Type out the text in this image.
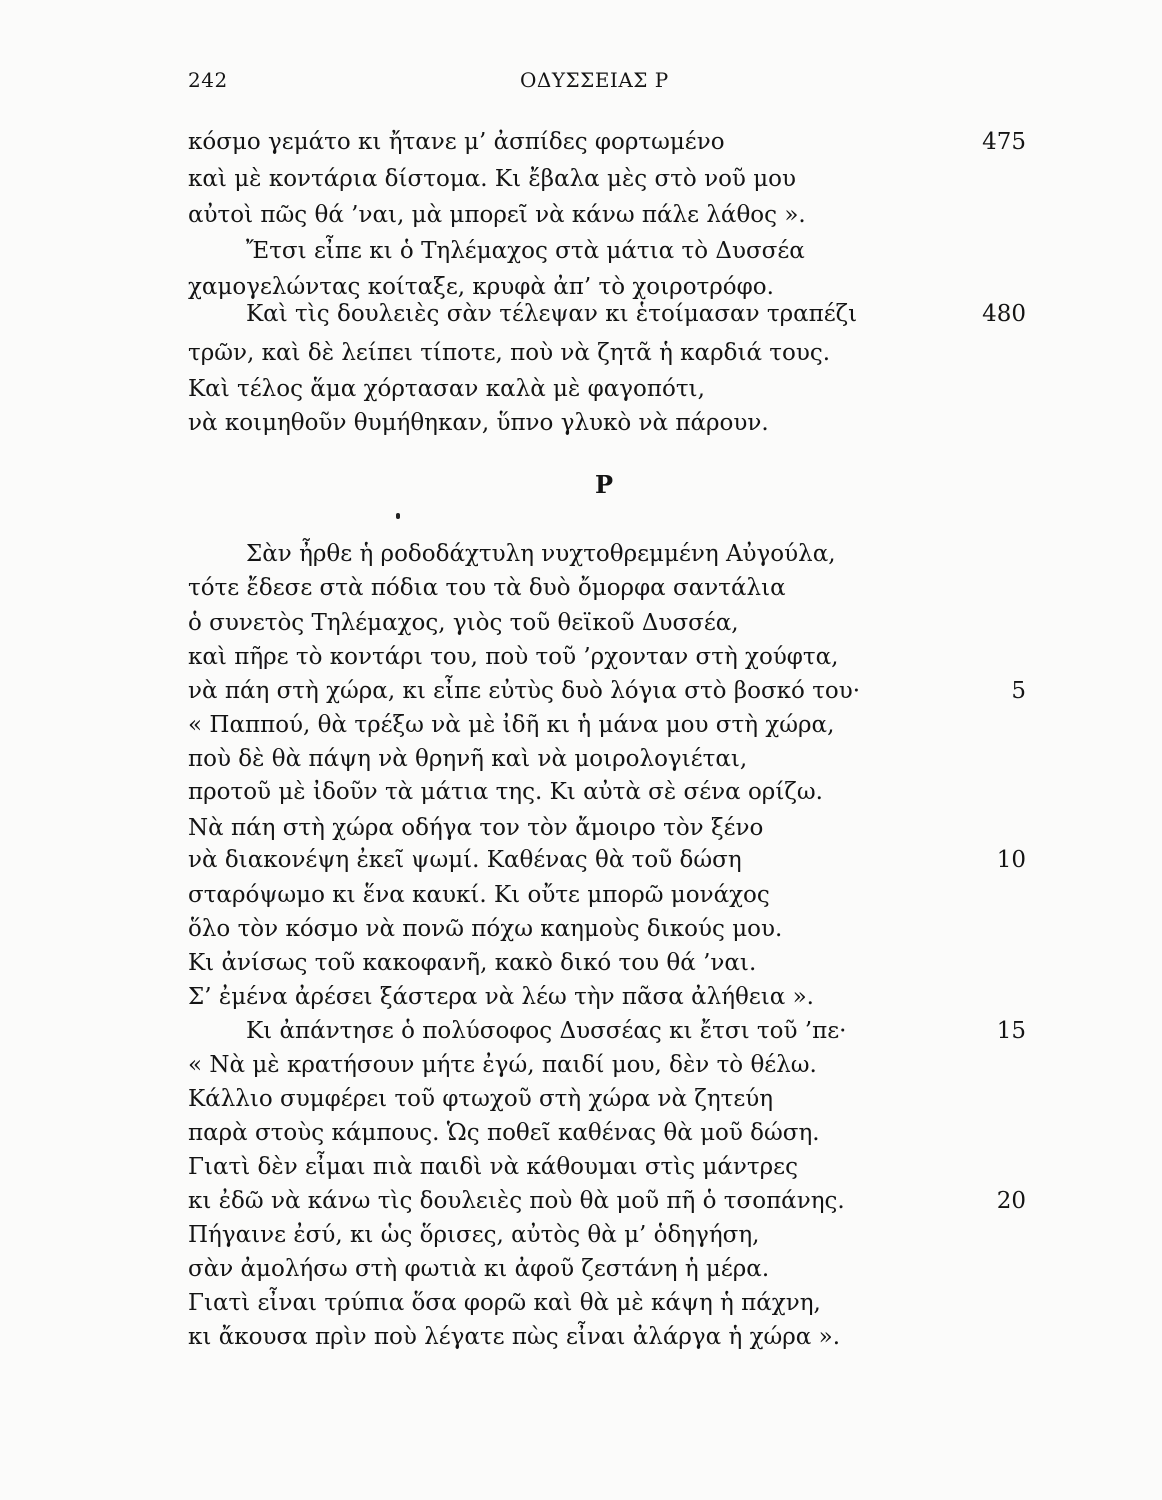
242	ΟΔΥΣΣΕΙΑΣ Ρ
κόσμο γεμάτο κι ἤτανε μ’ ἀσπίδες φορτωμένο	475
καὶ μὲ κοντάρια δίστομα. Κι ἔβαλα μὲς στὸ νοῦ μου
αὐτοὶ πῶς θά ’ναι, μὰ μπορεῖ νὰ κάνω πάλε λάθος ».
Ἔτσι εἶπε κι ὁ Τηλέμαχος στὰ μάτια τὸ Δυσσέα
χαμογελώντας κοίταξε, κρυφὰ ἀπ’ τὸ χοιροτρόφο.
Καὶ τὶς δουλειὲς σὰν τέλεψαν κι ἑτοίμασαν τραπέζι	480
τρῶν, καὶ δὲ λείπει τίποτε, ποὺ νὰ ζητᾶ ἡ καρδιά τους.
Καὶ τέλος ἅμα χόρτασαν καλὰ μὲ φαγοπότι,
νὰ κοιμηθοῦν θυμήθηκαν, ὕπνο γλυκὸ νὰ πάρουν.
Ρ
Σὰν ἦρθε ἡ ροδοδάχτυλη νυχτοθρεμμένη Αὐγούλα,
τότε ἔδεσε στὰ πόδια του τὰ δυὸ ὄμορφα σαντάλια
ὁ συνετὸς Τηλέμαχος, γιὸς τοῦ θεϊκοῦ Δυσσέα,
καὶ πῆρε τὸ κοντάρι του, ποὺ τοῦ ’ρχονταν στὴ χούφτα,
νὰ πάη στὴ χώρα, κι εἶπε εὐτὺς δυὸ λόγια στὸ βοσκό του·	5
« Παππού, θὰ τρέξω νὰ μὲ ἰδῆ κι ἡ μάνα μου στὴ χώρα,
ποὺ δὲ θὰ πάψη νὰ θρηνῆ καὶ νὰ μοιρολογιέται,
προτοῦ μὲ ἰδοῦν τὰ μάτια της. Κι αὐτὰ σὲ σένα ορίζω.
Νὰ πάη στὴ χώρα οδήγα τον τὸν ἄμοιρο τὸν ξένο
νὰ διακονέψη ἐκεῖ ψωμί. Καθένας θὰ τοῦ δώση	10
σταρόψωμο κι ἕνα καυκί. Κι οὔτε μπορῶ μονάχος
ὅλο τὸν κόσμο νὰ πονῶ πόχω καημοὺς δικούς μου.
Κι ἀνίσως τοῦ κακοφανῆ, κακὸ δικό του θά ’ναι.
Σ’ ἐμένα ἀρέσει ξάστερα νὰ λέω τὴν πᾶσα ἀλήθεια ».
Κι ἀπάντησε ὁ πολύσοφος Δυσσέας κι ἔτσι τοῦ ’πε·	15
« Νὰ μὲ κρατήσουν μήτε ἐγώ, παιδί μου, δὲν τὸ θέλω.
Κάλλιο συμφέρει τοῦ φτωχοῦ στὴ χώρα νὰ ζητεύη
παρὰ στοὺς κάμπους. Ὡς ποθεῖ καθένας θὰ μοῦ δώση.
Γιατὶ δὲν εἶμαι πιὰ παιδὶ νὰ κάθουμαι στὶς μάντρες
κι ἐδῶ νὰ κάνω τὶς δουλειὲς ποὺ θὰ μοῦ πῆ ὁ τσοπάνης.	20
Πήγαινε ἐσύ, κι ὡς ὅρισες, αὐτὸς θὰ μ’ ὁδηγήση,
σὰν ἀμολήσω στὴ φωτιὰ κι ἀφοῦ ζεστάνη ἡ μέρα.
Γιατὶ εἶναι τρύπια ὅσα φορῶ καὶ θὰ μὲ κάψη ἡ πάχνη,
κι ἄκουσα πρὶν ποὺ λέγατε πὼς εἶναι ἀλάργα ἡ χώρα ».
